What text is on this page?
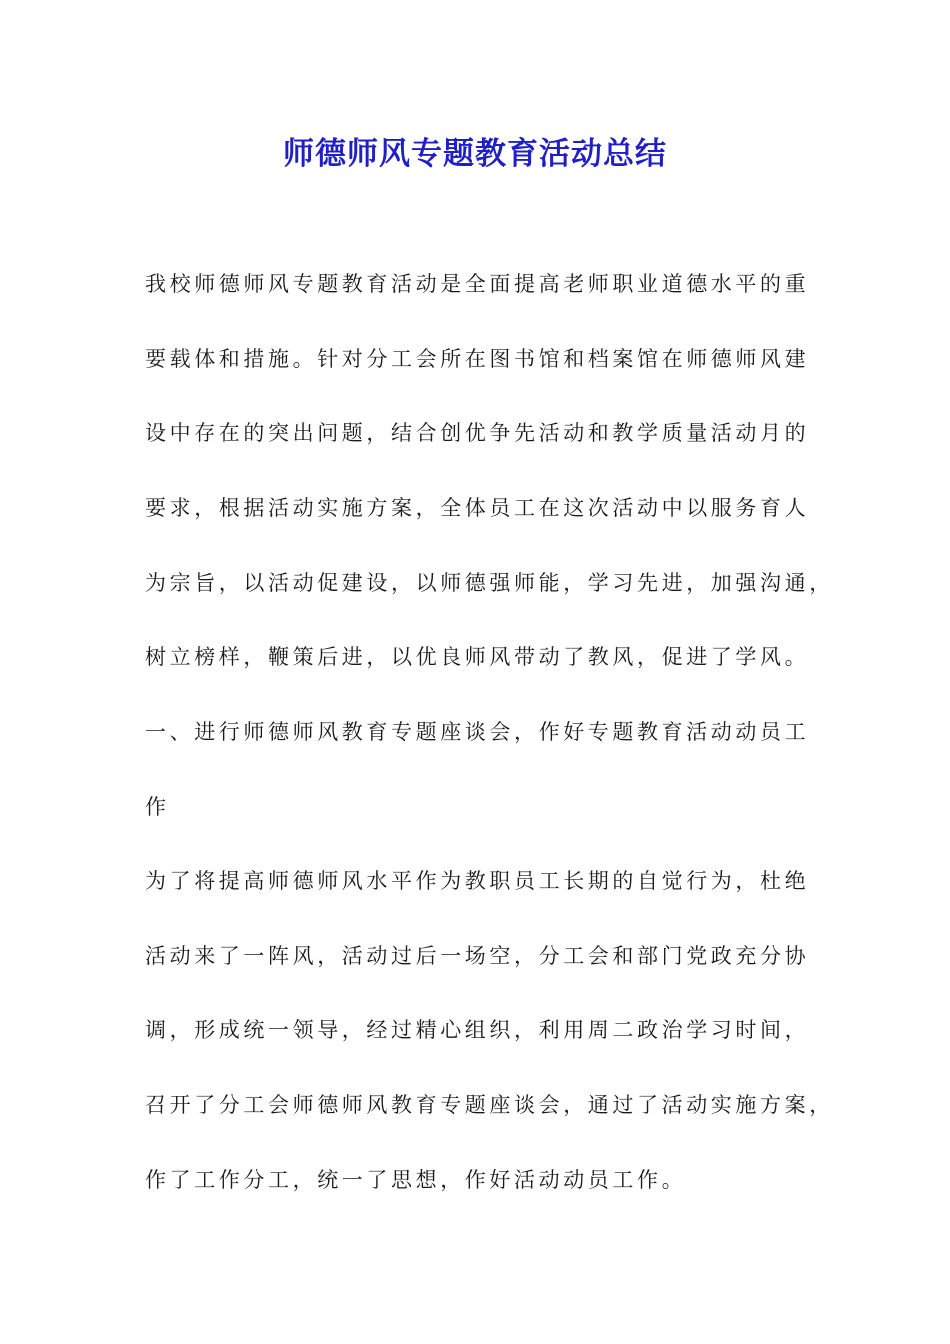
师德师风专题教育活动总结

我校师德师风专题教育活动是全面提高老师职业道德水平的重

要载体和措施。针对分工会所在图书馆和档案馆在师德师风建

设中存在的突出问题，结合创优争先活动和教学质量活动月的

要求，根据活动实施方案，全体员工在这次活动中以服务育人

为宗旨，以活动促建设，以师德强师能，学习先进，加强沟通，

树立榜样，鞭策后进，以优良师风带动了教风，促进了学风。

一、进行师德师风教育专题座谈会，作好专题教育活动动员工

作

为了将提高师德师风水平作为教职员工长期的自觉行为，杜绝

活动来了一阵风，活动过后一场空，分工会和部门党政充分协

调，形成统一领导，经过精心组织，利用周二政治学习时间，

召开了分工会师德师风教育专题座谈会，通过了活动实施方案，

作了工作分工，统一了思想，作好活动动员工作。
